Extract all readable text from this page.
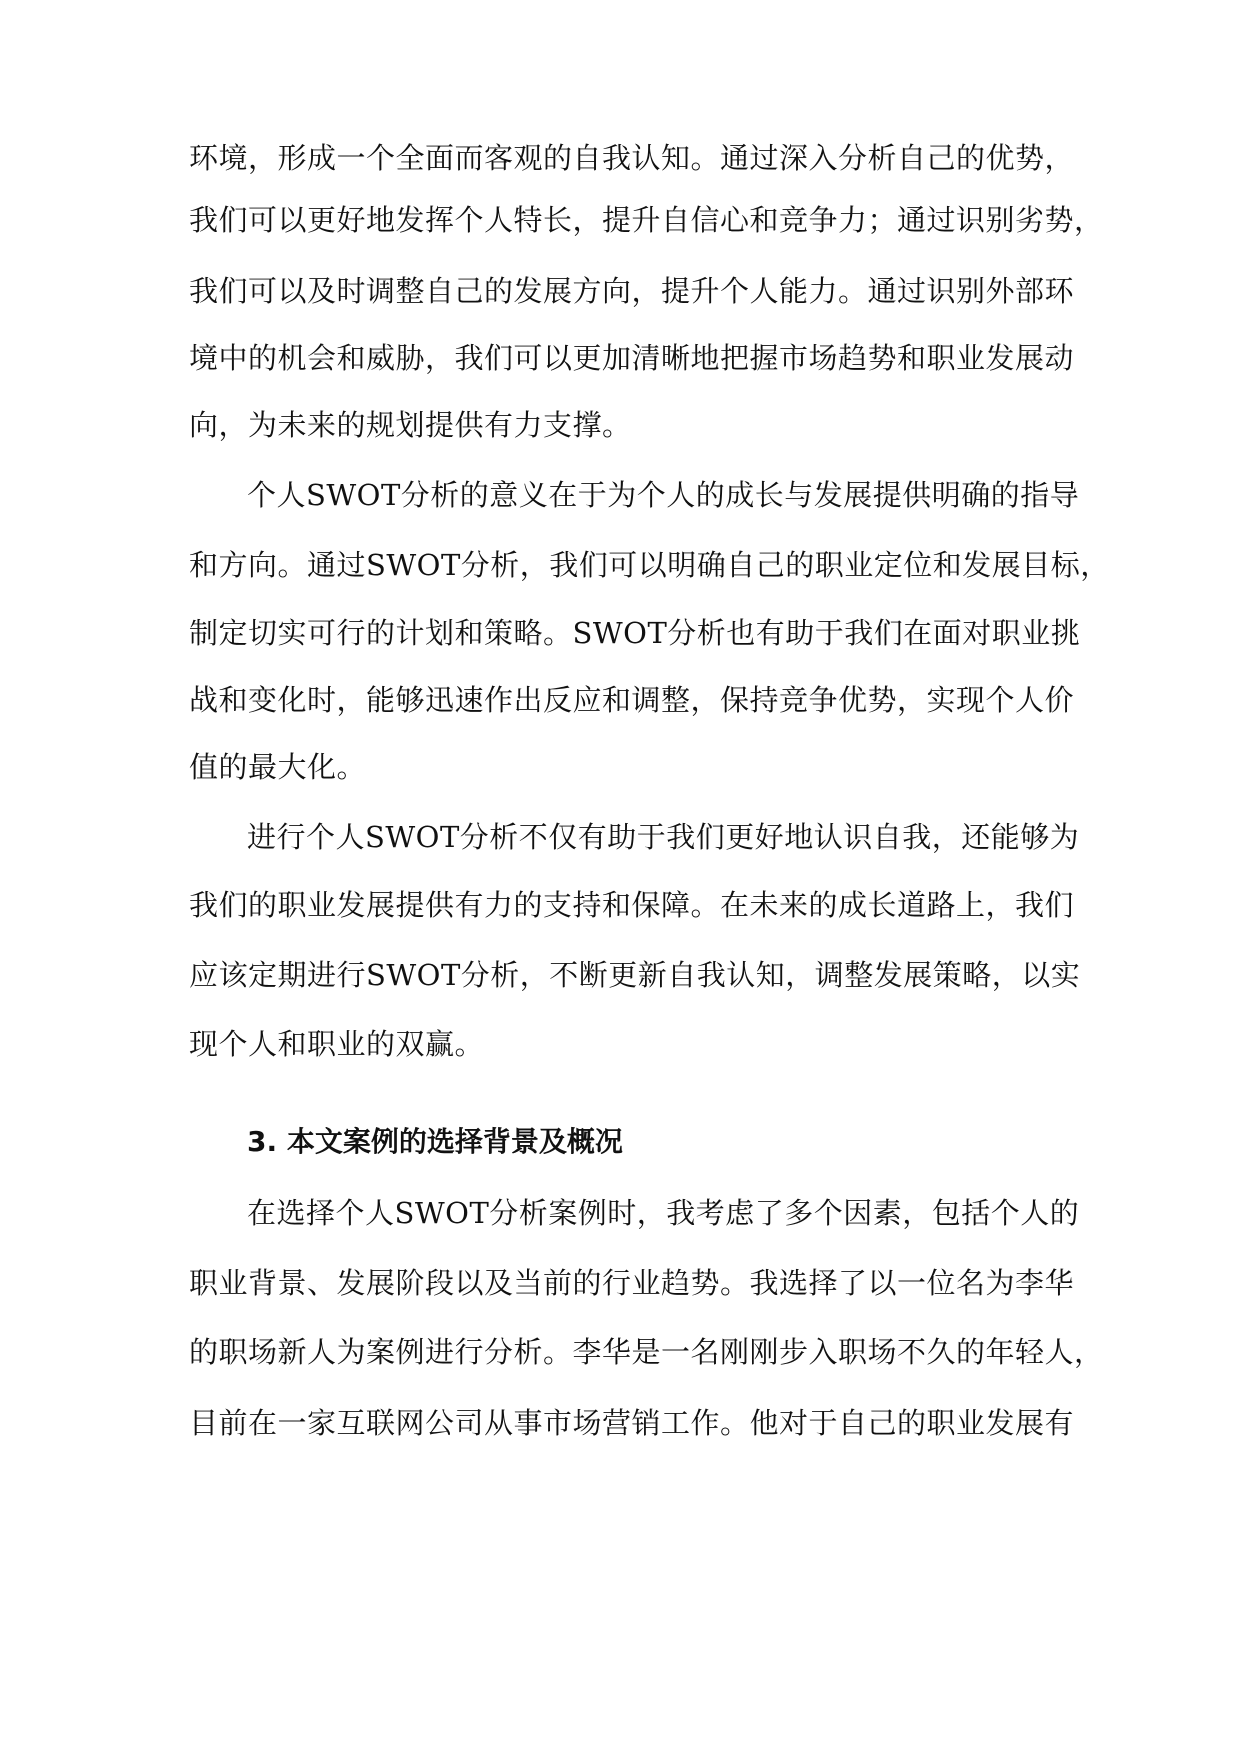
环境，形成一个全面而客观的自我认知。通过深入分析自己的优势，
我们可以更好地发挥个人特长，提升自信心和竞争力；通过识别劣势，
我们可以及时调整自己的发展方向，提升个人能力。通过识别外部环
境中的机会和威胁，我们可以更加清晰地把握市场趋势和职业发展动
向，为未来的规划提供有力支撑。
个人SWOT分析的意义在于为个人的成长与发展提供明确的指导
和方向。通过SWOT分析，我们可以明确自己的职业定位和发展目标，
制定切实可行的计划和策略。SWOT分析也有助于我们在面对职业挑
战和变化时，能够迅速作出反应和调整，保持竞争优势，实现个人价
值的最大化。
进行个人SWOT分析不仅有助于我们更好地认识自我，还能够为
我们的职业发展提供有力的支持和保障。在未来的成长道路上，我们
应该定期进行SWOT分析，不断更新自我认知，调整发展策略，以实
现个人和职业的双赢。
3. 本文案例的选择背景及概况
在选择个人SWOT分析案例时，我考虑了多个因素，包括个人的
职业背景、发展阶段以及当前的行业趋势。我选择了以一位名为李华
的职场新人为案例进行分析。李华是一名刚刚步入职场不久的年轻人，
目前在一家互联网公司从事市场营销工作。他对于自己的职业发展有
